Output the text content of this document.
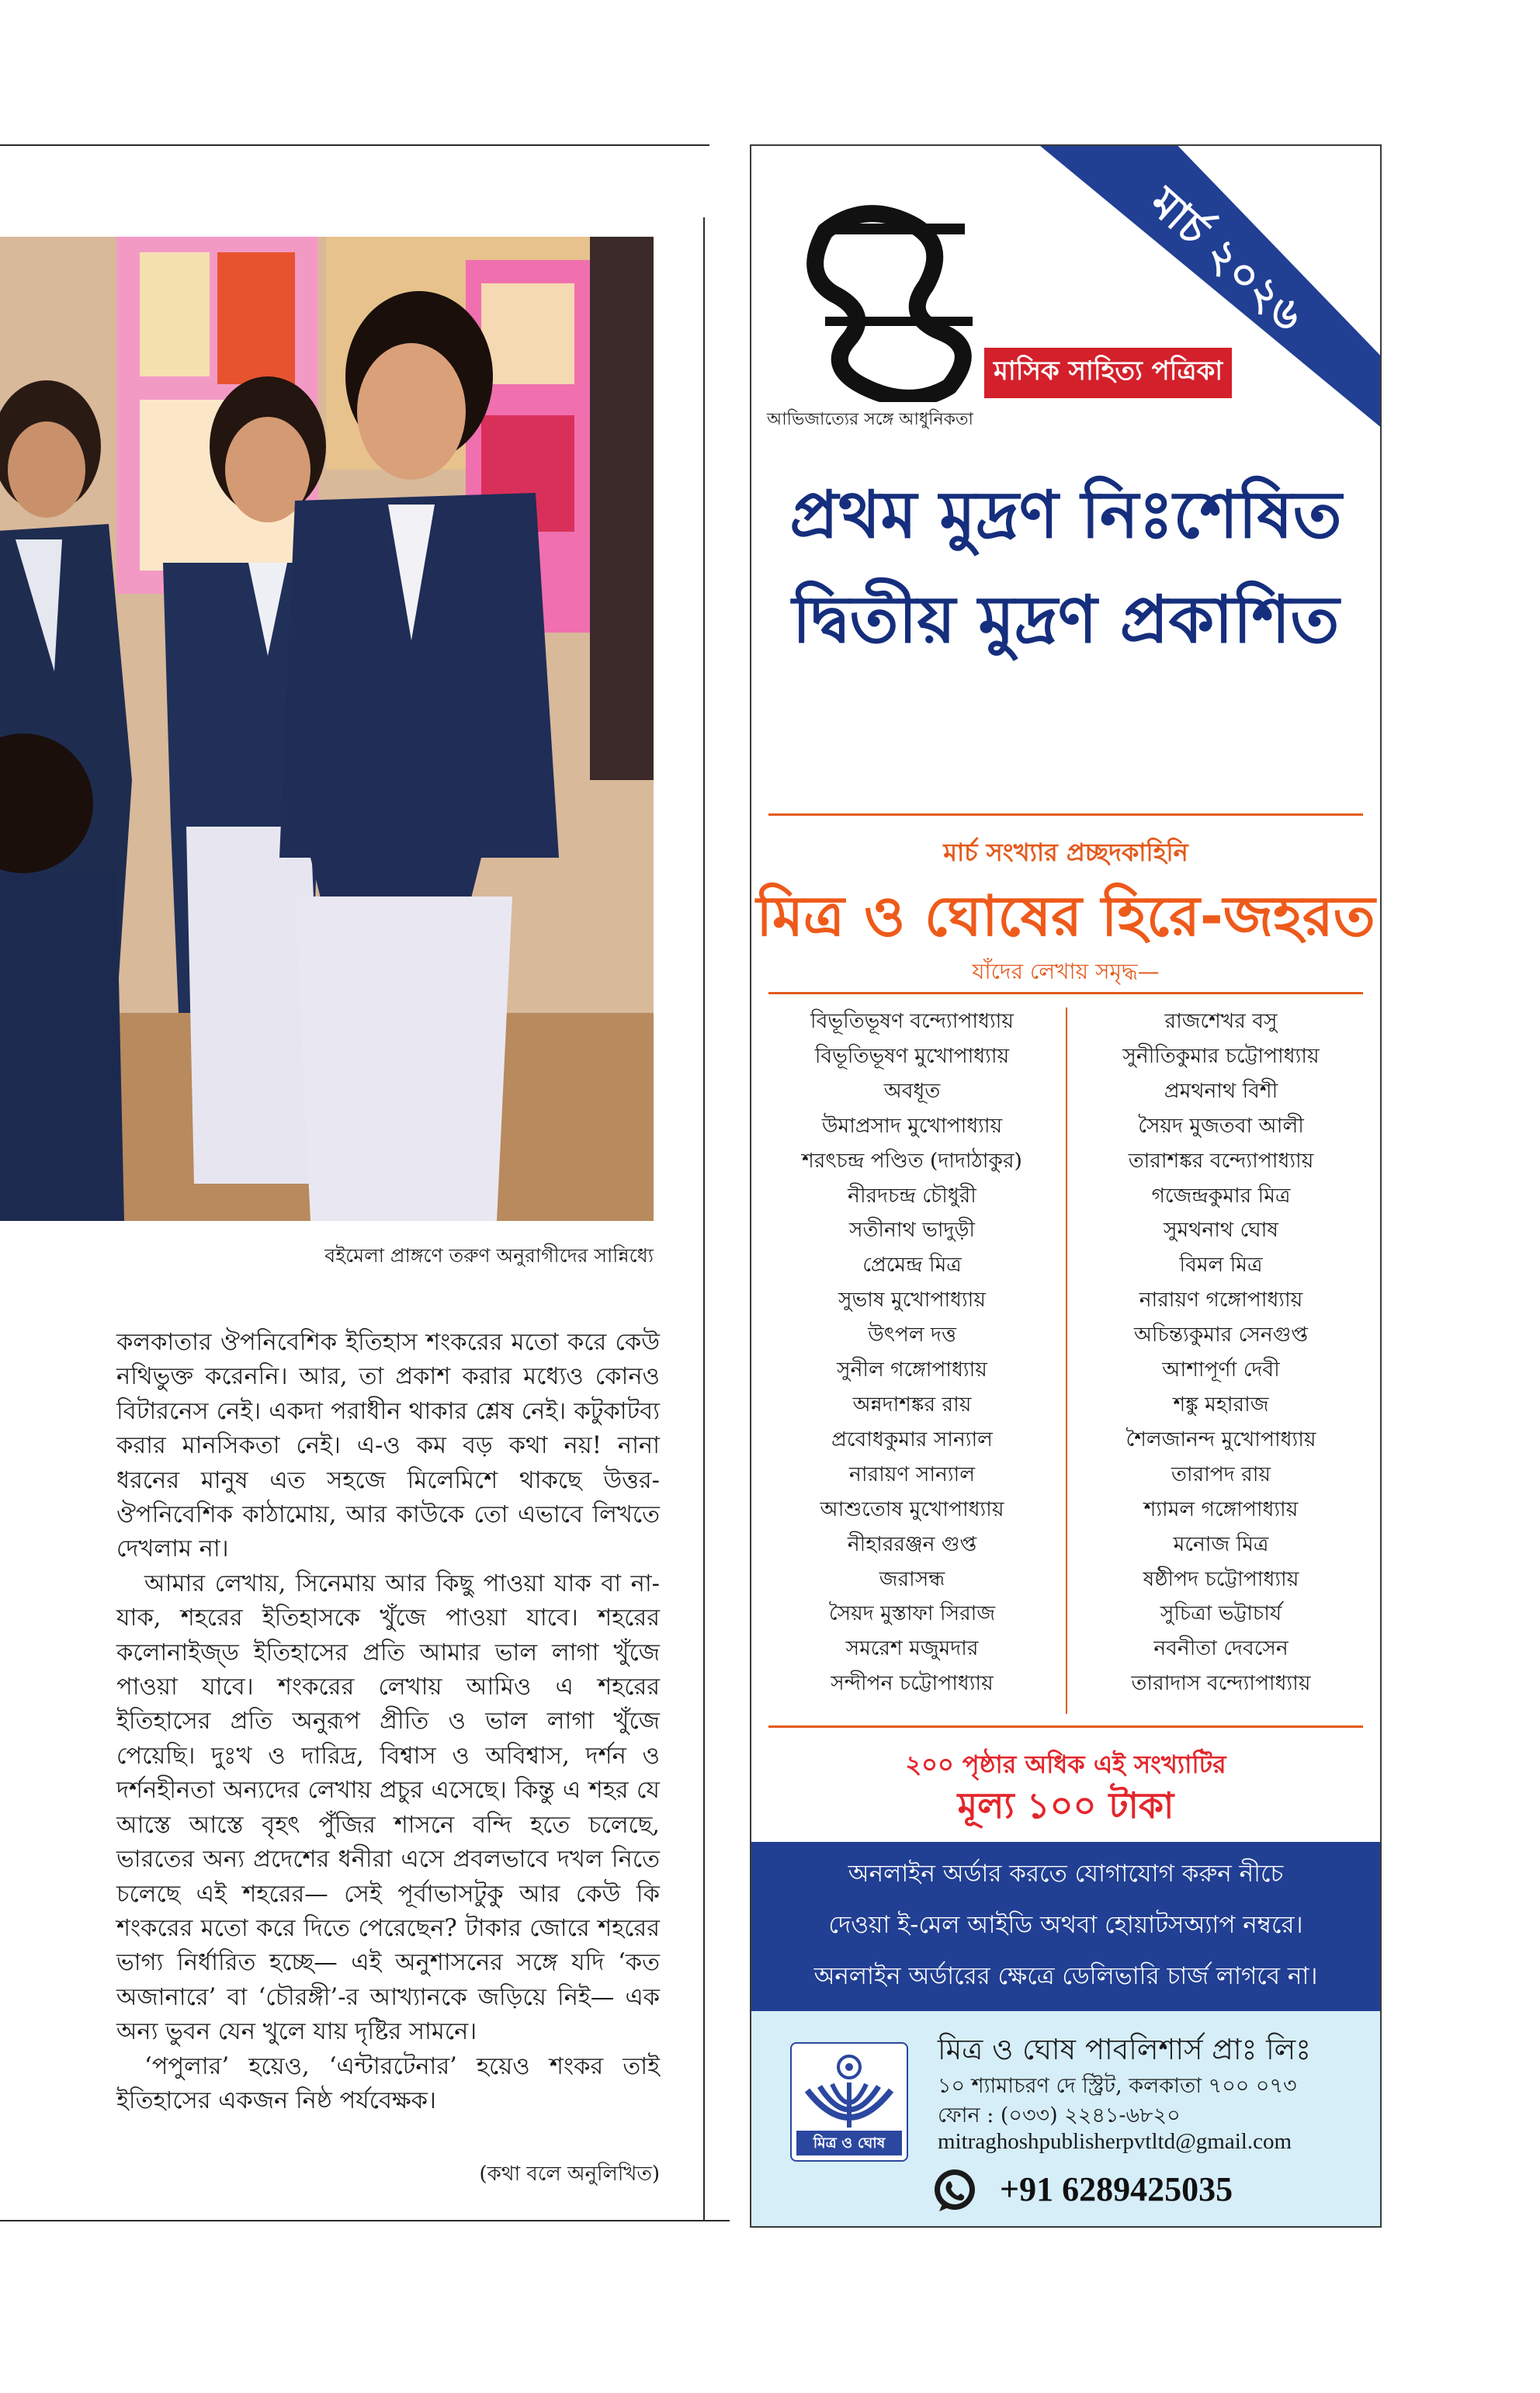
বইমেলা প্রাঙ্গণে তরুণ অনুরাগীদের সান্নিধ্যে

কলকাতার ঔপনিবেশিক ইতিহাস শংকরের মতো করে কেউ নথিভুক্ত করেননি। আর, তা প্রকাশ করার মধ্যেও কোনও বিটারনেস নেই। একদা পরাধীন থাকার শ্লেষ নেই। কটুকাটব্য করার মানসিকতা নেই। এ-ও কম বড় কথা নয়! নানা ধরনের মানুষ এত সহজে মিলেমিশে থাকছে উত্তর-ঔপনিবেশিক কাঠামোয়, আর কাউকে তো এভাবে লিখতে দেখলাম না।

আমার লেখায়, সিনেমায় আর কিছু পাওয়া যাক বা না-যাক, শহরের ইতিহাসকে খুঁজে পাওয়া যাবে। শহরের কলোনাইজ্ড ইতিহাসের প্রতি আমার ভাল লাগা খুঁজে পাওয়া যাবে। শংকরের লেখায় আমিও এ শহরের ইতিহাসের প্রতি অনুরূপ প্রীতি ও ভাল লাগা খুঁজে পেয়েছি। দুঃখ ও দারিদ্র, বিশ্বাস ও অবিশ্বাস, দর্শন ও দর্শনহীনতা অন্যদের লেখায় প্রচুর এসেছে। কিন্তু এ শহর যে আস্তে আস্তে বৃহৎ পুঁজির শাসনে বন্দি হতে চলেছে, ভারতের অন্য প্রদেশের ধনীরা এসে প্রবলভাবে দখল নিতে চলেছে এই শহরের— সেই পূর্বাভাসটুকু আর কেউ কি শংকরের মতো করে দিতে পেরেছেন? টাকার জোরে শহরের ভাগ্য নির্ধারিত হচ্ছে— এই অনুশাসনের সঙ্গে যদি ‘কত অজানারে’ বা ‘চৌরঙ্গী’-র আখ্যানকে জড়িয়ে নিই— এক অন্য ভুবন যেন খুলে যায় দৃষ্টির সামনে।

‘পপুলার’ হয়েও, ‘এন্টারটেনার’ হয়েও শংকর তাই ইতিহাসের একজন নিষ্ঠ পর্যবেক্ষক।

(কথা বলে অনুলিখিত)
মার্চ ২০২৬
মাসিক সাহিত্য পত্রিকা
আভিজাত্যের সঙ্গে আধুনিকতা
প্রথম মুদ্রণ নিঃশেষিত
দ্বিতীয় মুদ্রণ প্রকাশিত
মার্চ সংখ্যার প্রচ্ছদকাহিনি
মিত্র ও ঘোষের হিরে-জহরত
যাঁদের লেখায় সমৃদ্ধ—
বিভূতিভূষণ বন্দ্যোপাধ্যায়
বিভূতিভূষণ মুখোপাধ্যায়
অবধূত
উমাপ্রসাদ মুখোপাধ্যায়
শরৎচন্দ্র পণ্ডিত (দাদাঠাকুর)
নীরদচন্দ্র চৌধুরী
সতীনাথ ভাদুড়ী
প্রেমেন্দ্র মিত্র
সুভাষ মুখোপাধ্যায়
উৎপল দত্ত
সুনীল গঙ্গোপাধ্যায়
অন্নদাশঙ্কর রায়
প্রবোধকুমার সান্যাল
নারায়ণ সান্যাল
আশুতোষ মুখোপাধ্যায়
নীহাররঞ্জন গুপ্ত
জরাসন্ধ
সৈয়দ মুস্তাফা সিরাজ
সমরেশ মজুমদার
সন্দীপন চট্টোপাধ্যায়
রাজশেখর বসু
সুনীতিকুমার চট্টোপাধ্যায়
প্রমথনাথ বিশী
সৈয়দ মুজতবা আলী
তারাশঙ্কর বন্দ্যোপাধ্যায়
গজেন্দ্রকুমার মিত্র
সুমথনাথ ঘোষ
বিমল মিত্র
নারায়ণ গঙ্গোপাধ্যায়
অচিন্ত্যকুমার সেনগুপ্ত
আশাপূর্ণা দেবী
শঙ্কু মহারাজ
শৈলজানন্দ মুখোপাধ্যায়
তারাপদ রায়
শ্যামল গঙ্গোপাধ্যায়
মনোজ মিত্র
ষষ্ঠীপদ চট্টোপাধ্যায়
সুচিত্রা ভট্টাচার্য
নবনীতা দেবসেন
তারাদাস বন্দ্যোপাধ্যায়
২০০ পৃষ্ঠার অধিক এই সংখ্যাটির
মূল্য ১০০ টাকা
অনলাইন অর্ডার করতে যোগাযোগ করুন নীচে
দেওয়া ই-মেল আইডি অথবা হোয়াটসঅ্যাপ নম্বরে।
অনলাইন অর্ডারের ক্ষেত্রে ডেলিভারি চার্জ লাগবে না।
মিত্র ও ঘোষ
মিত্র ও ঘোষ পাবলিশার্স প্রাঃ লিঃ
১০ শ্যামাচরণ দে স্ট্রিট, কলকাতা ৭০০ ০৭৩
ফোন : (০৩৩) ২২৪১-৬৮২০
mitraghoshpublisherpvtltd@gmail.com
+91 6289425035
